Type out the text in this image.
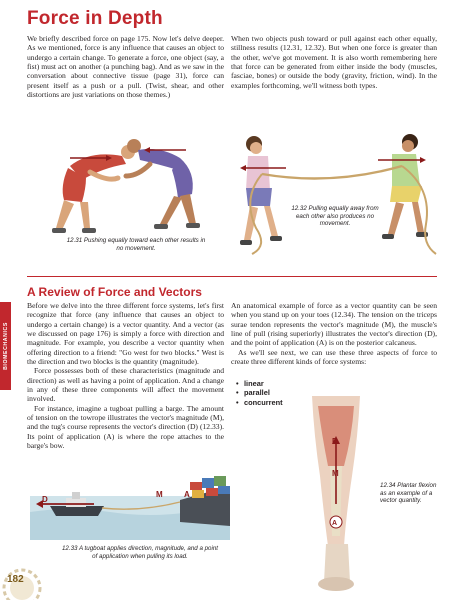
Force in Depth

We briefly described force on page 175. Now let's delve deeper. As we mentioned, force is any influence that causes an object to undergo a certain change. To generate a force, one object (say, a fist) must act on another (a punching bag). And as we saw in the conversation about connective tissue (page 31), force can present itself as a push or a pull. (Twist, shear, and other distortions are just variations on those themes.)

When two objects push toward or pull against each other equally, stillness results (12.31, 12.32). But when one force is greater than the other, we've got movement. It is also worth remembering here that force can be generated from either inside the body (muscles, fasciae, bones) or outside the body (gravity, friction, wind). In the examples forthcoming, we'll witness both types.

12.31 Pushing equally toward each other results in no movement.
12.32 Pulling equally away from each other also produces no movement.
A Review of Force and Vectors
BIOMECHANICS

Before we delve into the three different force systems, let's first recognize that force (any influence that causes an object to undergo a certain change) is a vector quantity. And a vector (as we discussed on page 176) is simply a force with direction and magnitude. For example, you describe a vector quantity when offering direction to a friend: "Go west for two blocks." West is the direction and two blocks is the quantity (magnitude).

Force possesses both of these characteristics (magnitude and direction) as well as having a point of application. And a change in any of these three components will affect the movement involved.

For instance, imagine a tugboat pulling a barge. The amount of tension on the towrope illustrates the vector's magnitude (M), and the tug's course represents the vector's direction (D) (12.33). Its point of application (A) is where the rope attaches to the barge's bow.

An anatomical example of force as a vector quantity can be seen when you stand up on your toes (12.34). The tension on the triceps surae tendon represents the vector's magnitude (M), the muscle's line of pull (rising superiorly) illustrates the vector's direction (D), and the point of application (A) is on the posterior calcaneus.

As we'll see next, we can use these three aspects of force to create three different kinds of force systems:

• linear
• parallel
• concurrent
D
M	A
12.33 A tugboat applies direction, magnitude, and a point of application when pulling its load.
D
M
A
12.34 Plantar flexion as an example of a vector quantity.
182
